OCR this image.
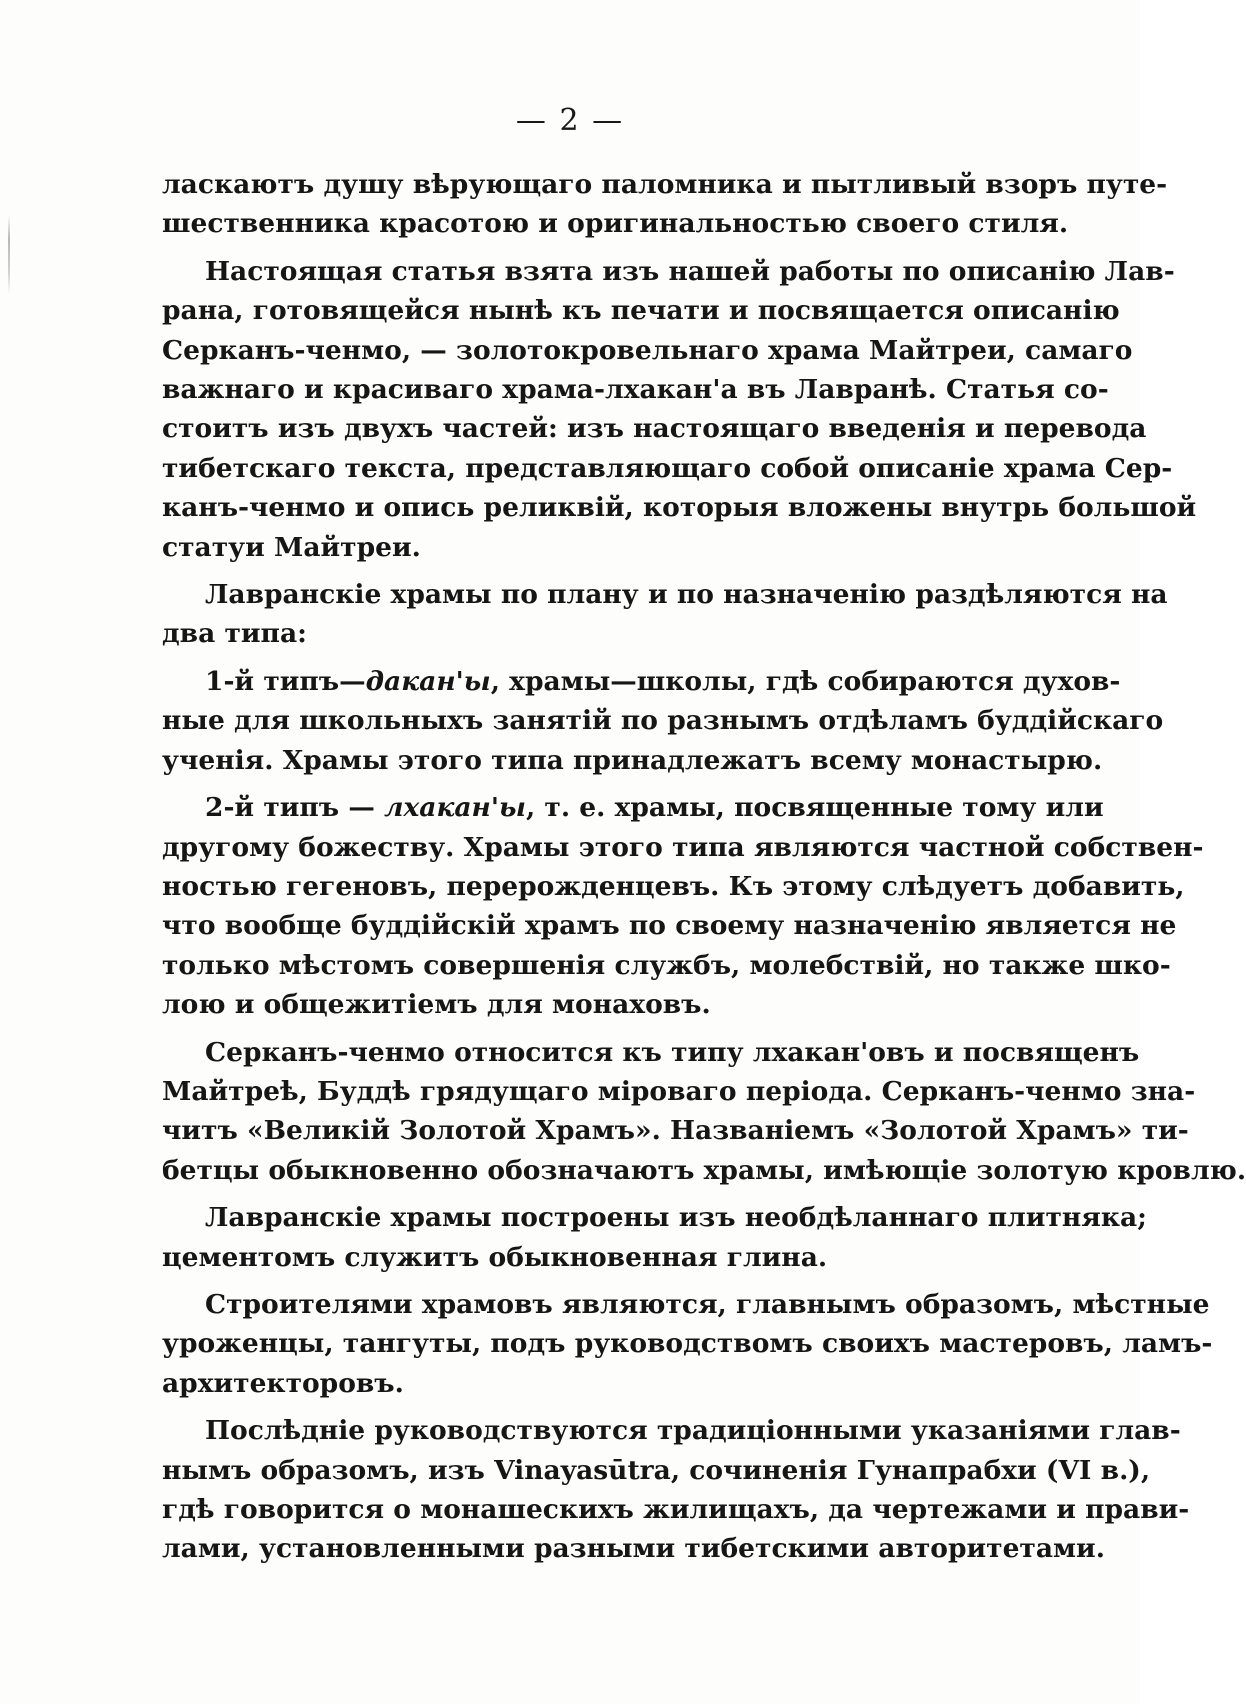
— 2 —
ласкаютъ душу вѣрующаго паломника и пытливый взоръ путе-
шественника красотою и оригинальностью своего стиля.
Настоящая статья взята изъ нашей работы по описанію Лав-
рана, готовящейся нынѣ къ печати и посвящается описанію
Серканъ-ченмо, — золотокровельнаго храма Майтреи, самаго
важнаго и красиваго храма-лхакан'а въ Лавранѣ. Статья со-
стоитъ изъ двухъ частей: изъ настоящаго введенія и перевода
тибетскаго текста, представляющаго собой описаніе храма Сер-
канъ-ченмо и опись реликвій, которыя вложены внутрь большой
статуи Майтреи.
Лавранскіе храмы по плану и по назначенію раздѣляются на
два типа:
1-й типъ—дакан'ы, храмы—школы, гдѣ собираются духов-
ные для школьныхъ занятій по разнымъ отдѣламъ буддійскаго
ученія. Храмы этого типа принадлежатъ всему монастырю.
2-й типъ — лхакан'ы, т. е. храмы, посвященные тому или
другому божеству. Храмы этого типа являются частной собствен-
ностью гегеновъ, перерожденцевъ. Къ этому слѣдуетъ добавить,
что вообще буддійскій храмъ по своему назначенію является не
только мѣстомъ совершенія службъ, молебствій, но также шко-
лою и общежитіемъ для монаховъ.
Серканъ-ченмо относится къ типу лхакан'овъ и посвященъ
Майтреѣ, Буддѣ грядущаго міроваго періода. Серканъ-ченмо зна-
читъ «Великій Золотой Храмъ». Названіемъ «Золотой Храмъ» ти-
бетцы обыкновенно обозначаютъ храмы, имѣющіе золотую кровлю.
Лавранскіе храмы построены изъ необдѣланнаго плитняка;
цементомъ служитъ обыкновенная глина.
Строителями храмовъ являются, главнымъ образомъ, мѣстные
уроженцы, тангуты, подъ руководствомъ своихъ мастеровъ, ламъ-
архитекторовъ.
Послѣдніе руководствуются традиціонными указаніями глав-
нымъ образомъ, изъ Vinayasūtra, сочиненія Гунапрабхи (VI в.),
гдѣ говорится о монашескихъ жилищахъ, да чертежами и прави-
лами, установленными разными тибетскими авторитетами.
